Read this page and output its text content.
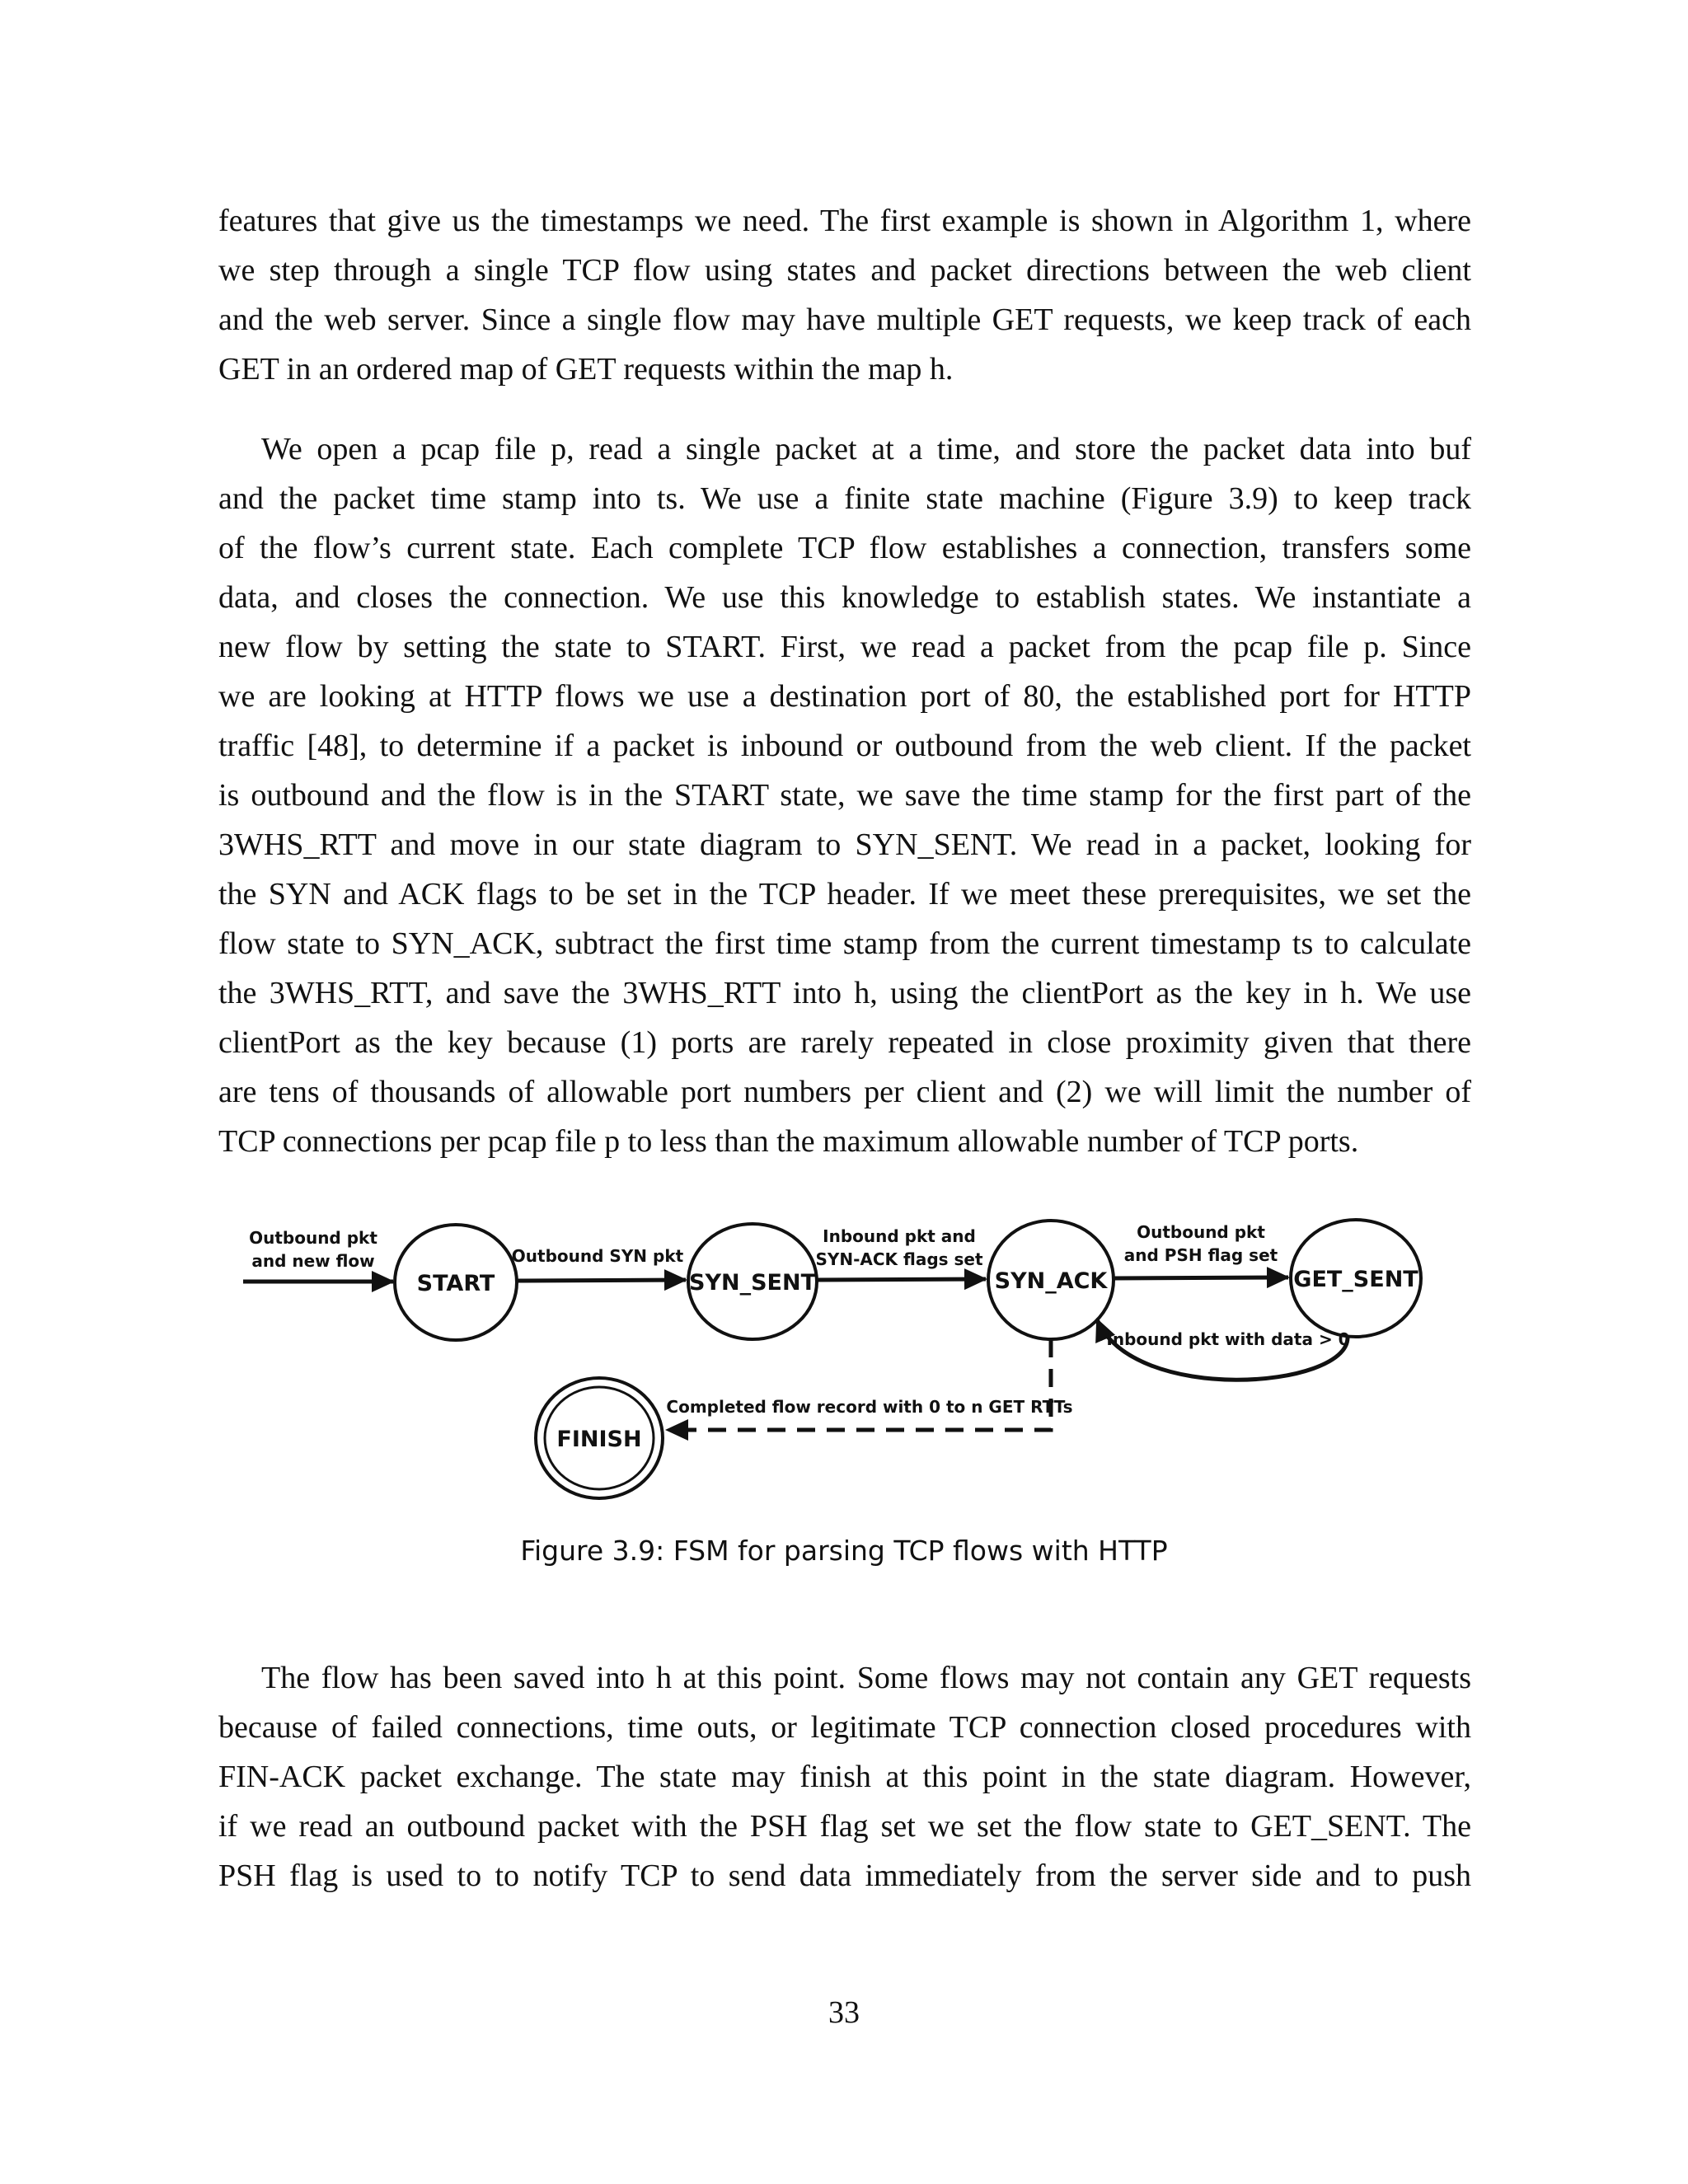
features that give us the timestamps we need. The first example is shown in Algorithm 1, where
we step through a single TCP flow using states and packet directions between the web client
and the web server. Since a single flow may have multiple GET requests, we keep track of each
GET in an ordered map of GET requests within the map h.
We open a pcap file p, read a single packet at a time, and store the packet data into buf
and the packet time stamp into ts. We use a finite state machine (Figure 3.9) to keep track
of the flow’s current state. Each complete TCP flow establishes a connection, transfers some
data, and closes the connection. We use this knowledge to establish states. We instantiate a
new flow by setting the state to START. First, we read a packet from the pcap file p. Since
we are looking at HTTP flows we use a destination port of 80, the established port for HTTP
traffic [48], to determine if a packet is inbound or outbound from the web client. If the packet
is outbound and the flow is in the START state, we save the time stamp for the first part of the
3WHS_RTT and move in our state diagram to SYN_SENT. We read in a packet, looking for
the SYN and ACK flags to be set in the TCP header. If we meet these prerequisites, we set the
flow state to SYN_ACK, subtract the first time stamp from the current timestamp ts to calculate
the 3WHS_RTT, and save the 3WHS_RTT into h, using the clientPort as the key in h. We use
clientPort as the key because (1) ports are rarely repeated in close proximity given that there
are tens of thousands of allowable port numbers per client and (2) we will limit the number of
TCP connections per pcap file p to less than the maximum allowable number of TCP ports.
START	SYN_SENT	SYN_ACK	GET_SENT
FINISH
Outbound pkt
and new flow	Outbound SYN pkt
Inbound pkt and
SYN-ACK flags set
Outbound pkt
and PSH flag set
Inbound pkt with data > 0
Completed flow record with 0 to n GET RTTs
Figure 3.9: FSM for parsing TCP flows with HTTP
The flow has been saved into h at this point. Some flows may not contain any GET requests
because of failed connections, time outs, or legitimate TCP connection closed procedures with
FIN-ACK packet exchange. The state may finish at this point in the state diagram. However,
if we read an outbound packet with the PSH flag set we set the flow state to GET_SENT. The
PSH flag is used to to notify TCP to send data immediately from the server side and to push
33
